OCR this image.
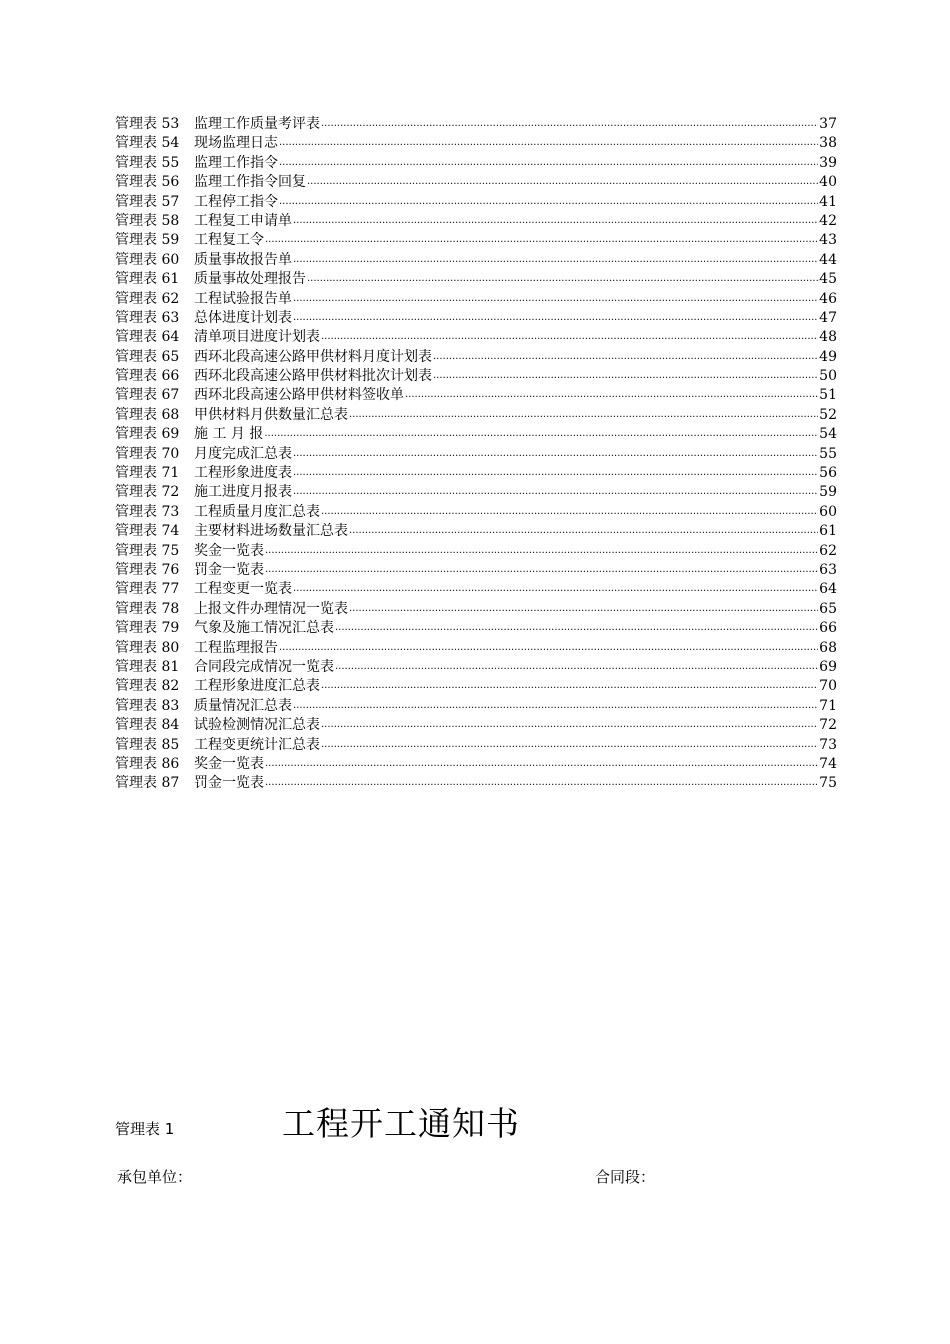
管理表 53	监理工作质量考评表 .....	37
管理表 54	现场监理日志 .....	38
管理表 55	监理工作指令 .....	39
管理表 56	监理工作指令回复 .....	40
管理表 57	工程停工指令 .....	41
管理表 58	工程复工申请单 .....	42
管理表 59	工程复工令 .....	43
管理表 60	质量事故报告单 .....	44
管理表 61	质量事故处理报告 .....	45
管理表 62	工程试验报告单 .....	46
管理表 63	总体进度计划表 .....	47
管理表 64	清单项目进度计划表 .....	48
管理表 65	西环北段高速公路甲供材料月度计划表 .....	49
管理表 66	西环北段高速公路甲供材料批次计划表 .....	50
管理表 67	西环北段高速公路甲供材料签收单 .....	51
管理表 68	甲供材料月供数量汇总表 .....	52
管理表 69	施 工 月 报 .....	54
管理表 70	月度完成汇总表 .....	55
管理表 71	工程形象进度表 .....	56
管理表 72	施工进度月报表 .....	59
管理表 73	工程质量月度汇总表 .....	60
管理表 74	主要材料进场数量汇总表 .....	61
管理表 75	奖金一览表 .....	62
管理表 76	罚金一览表 .....	63
管理表 77	工程变更一览表 .....	64
管理表 78	上报文件办理情况一览表 .....	65
管理表 79	气象及施工情况汇总表 .....	66
管理表 80	工程监理报告 .....	68
管理表 81	合同段完成情况一览表 .....	69
管理表 82	工程形象进度汇总表 .....	70
管理表 83	质量情况汇总表 .....	71
管理表 84	试验检测情况汇总表 .....	72
管理表 85	工程变更统计汇总表 .....	73
管理表 86	奖金一览表 .....	74
管理表 87	罚金一览表 .....	75
管理表 1	工程开工通知书
承包单位：	合同段：
